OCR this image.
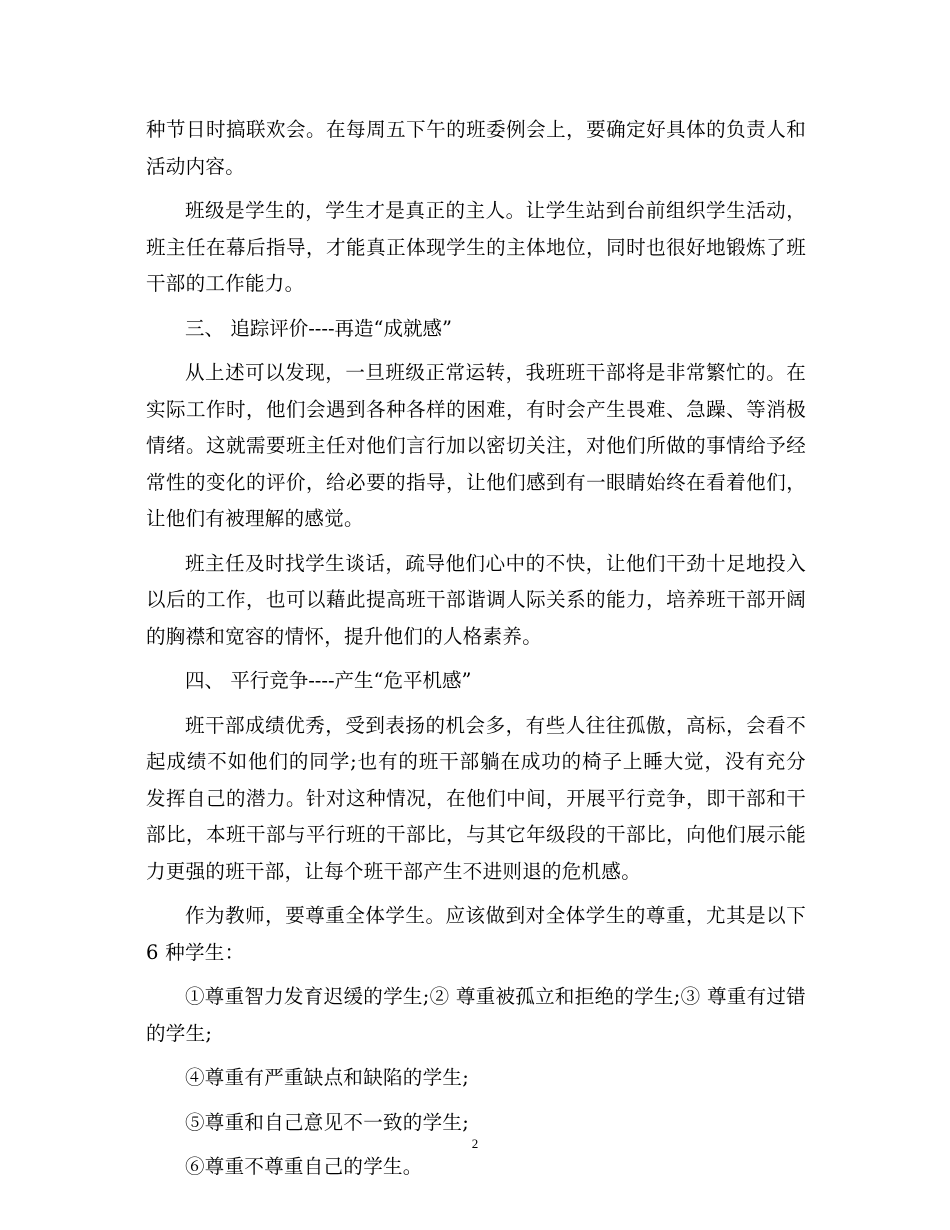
种节日时搞联欢会。在每周五下午的班委例会上，要确定好具体的负责人和活动内容。

班级是学生的，学生才是真正的主人。让学生站到台前组织学生活动，班主任在幕后指导，才能真正体现学生的主体地位，同时也很好地锻炼了班干部的工作能力。

三、 追踪评价----再造“成就感”

从上述可以发现，一旦班级正常运转，我班班干部将是非常繁忙的。在实际工作时，他们会遇到各种各样的困难，有时会产生畏难、急躁、等消极情绪。这就需要班主任对他们言行加以密切关注，对他们所做的事情给予经常性的变化的评价，给必要的指导，让他们感到有一眼睛始终在看着他们，让他们有被理解的感觉。

班主任及时找学生谈话，疏导他们心中的不快，让他们干劲十足地投入以后的工作，也可以藉此提高班干部谐调人际关系的能力，培养班干部开阔的胸襟和宽容的情怀，提升他们的人格素养。

四、 平行竞争----产生“危平机感”

班干部成绩优秀，受到表扬的机会多，有些人往往孤傲，高标，会看不起成绩不如他们的同学;也有的班干部躺在成功的椅子上睡大觉，没有充分发挥自己的潜力。针对这种情况，在他们中间，开展平行竞争，即干部和干部比，本班干部与平行班的干部比，与其它年级段的干部比，向他们展示能力更强的班干部，让每个班干部产生不进则退的危机感。

作为教师，要尊重全体学生。应该做到对全体学生的尊重，尤其是以下 6 种学生：

①尊重智力发育迟缓的学生;② 尊重被孤立和拒绝的学生;③ 尊重有过错的学生;

④尊重有严重缺点和缺陷的学生;

⑤尊重和自己意见不一致的学生;

⑥尊重不尊重自己的学生。

2
